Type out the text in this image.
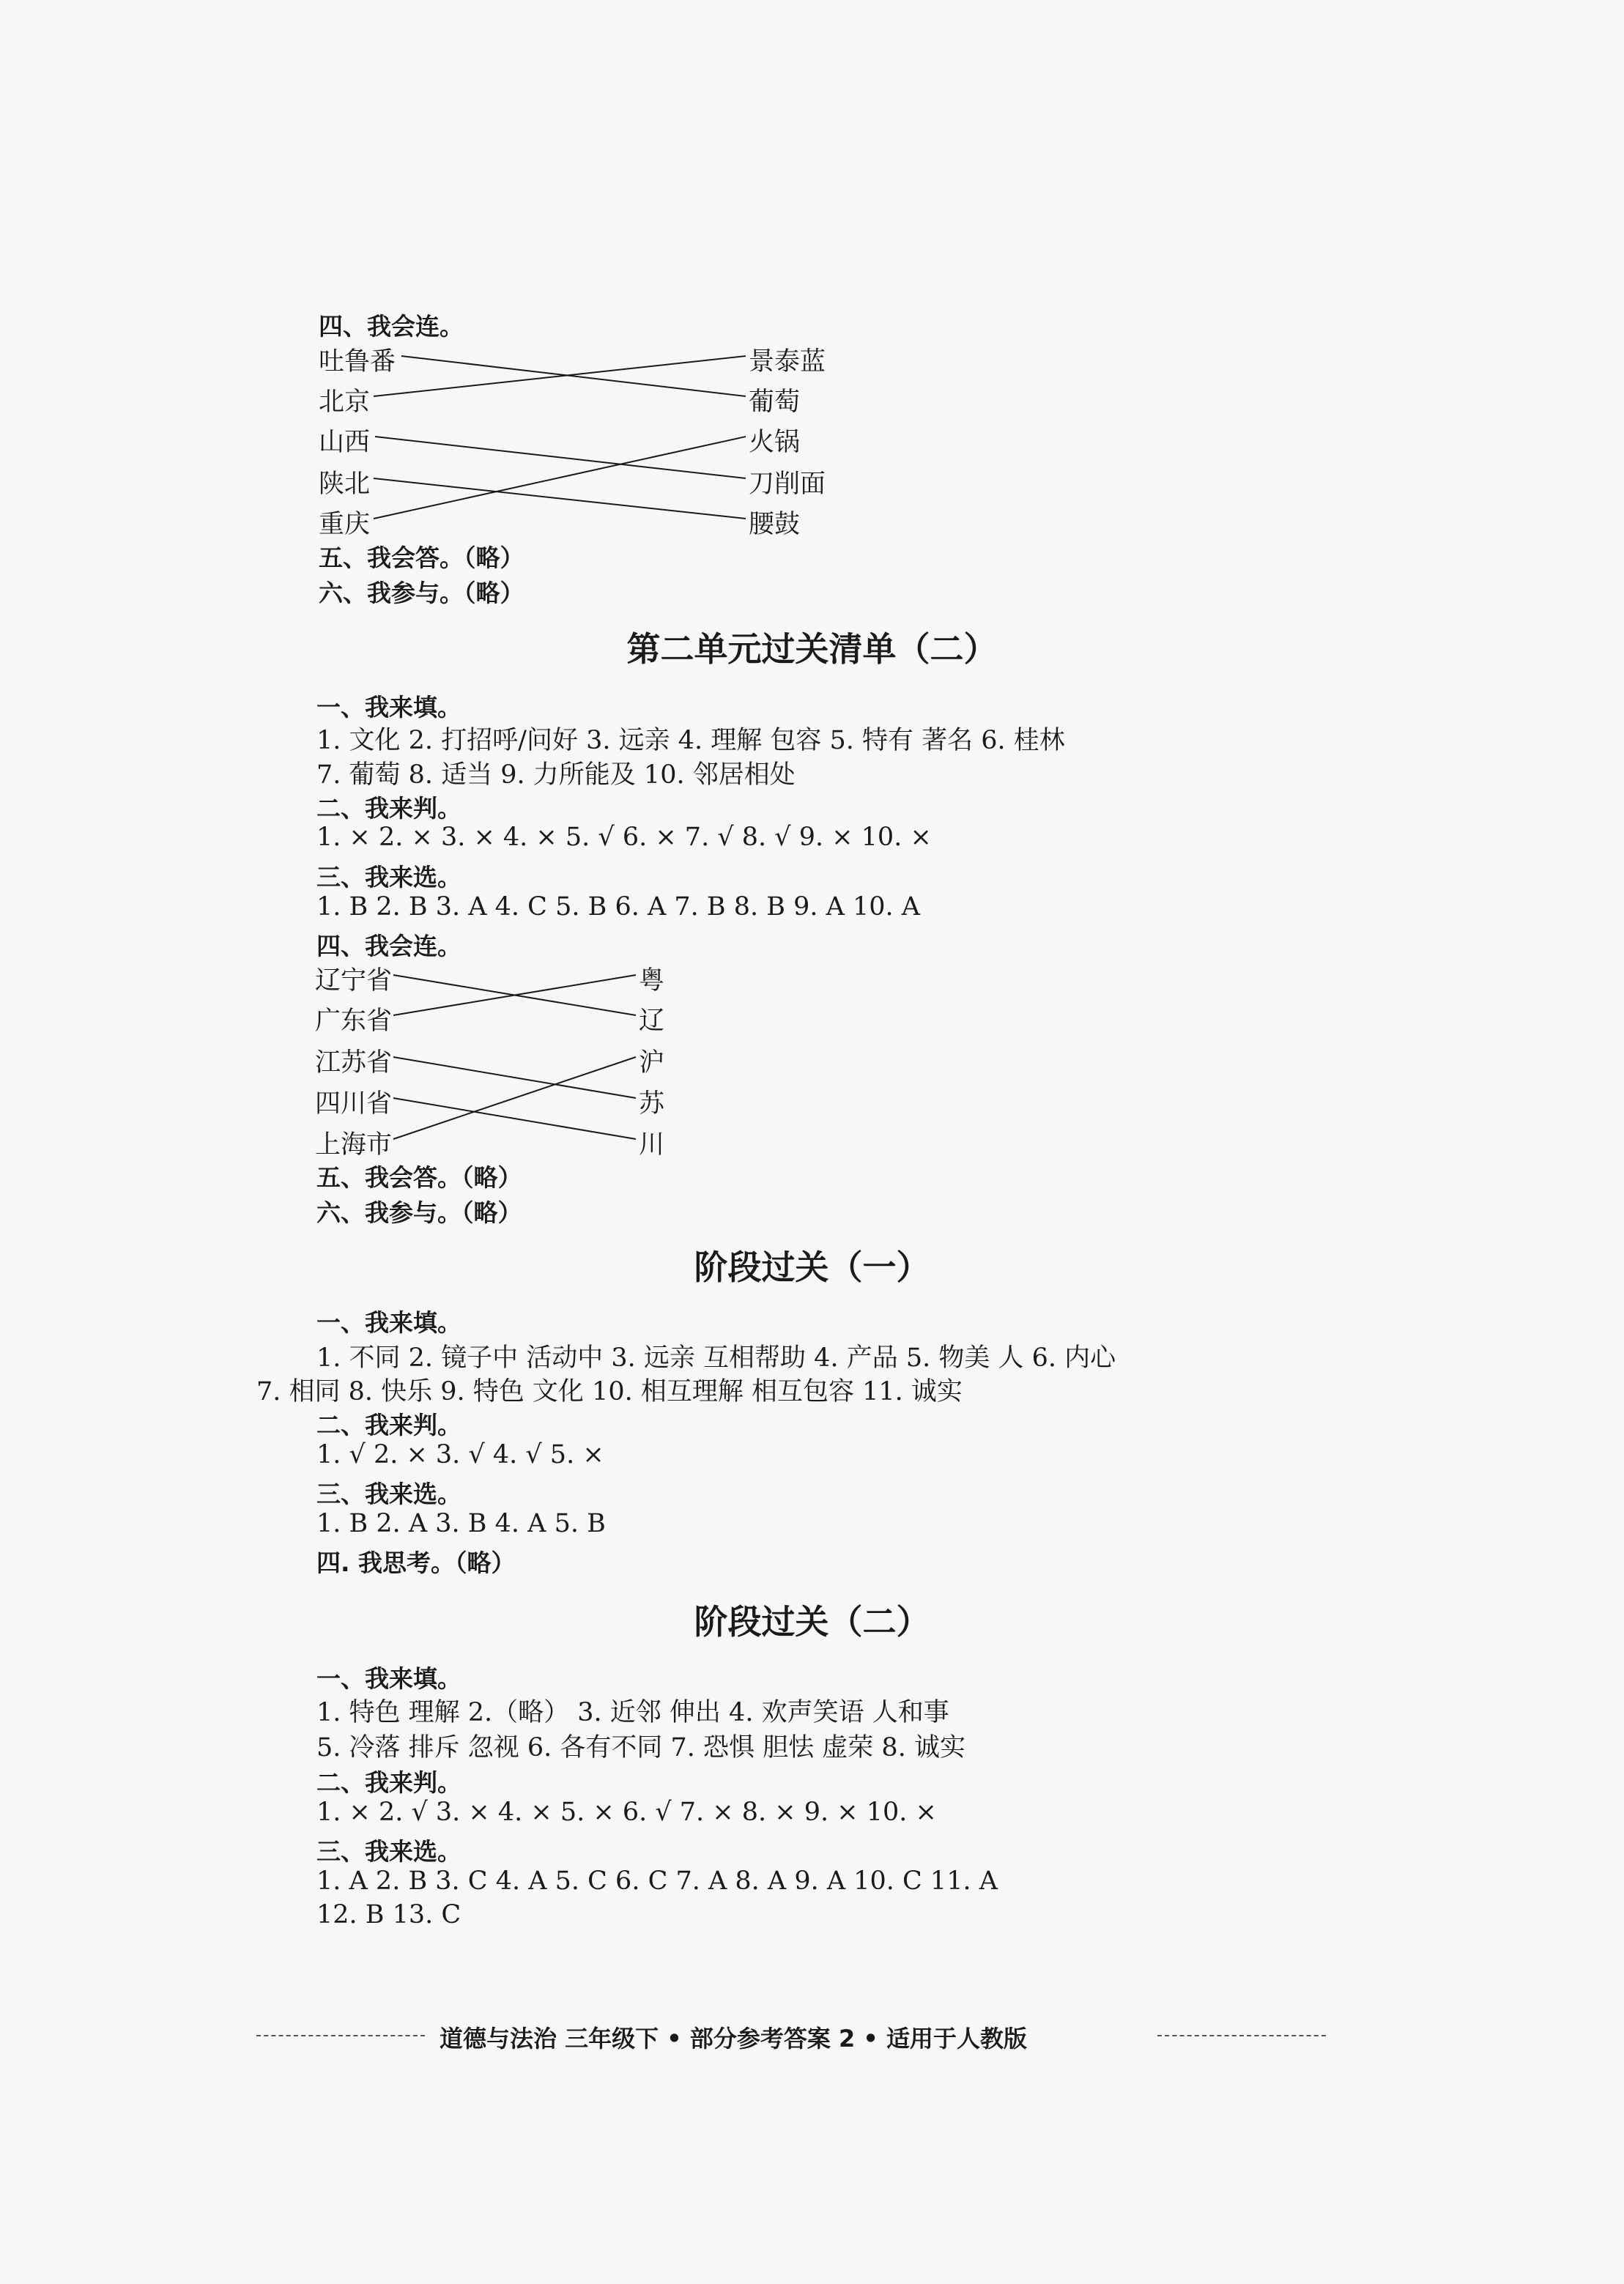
四、我会连。
吐鲁番
北京
山西
陕北
重庆
景泰蓝
葡萄
火锅
刀削面
腰鼓
五、我会答。（略）
六、我参与。（略）
第二单元过关清单（二）
一、我来填。
1. 文化 2. 打招呼/问好 3. 远亲 4. 理解 包容 5. 特有 著名 6. 桂林
7. 葡萄 8. 适当 9. 力所能及 10. 邻居相处
二、我来判。
1. × 2. × 3. × 4. × 5. √ 6. × 7. √ 8. √ 9. × 10. ×
三、我来选。
1. B 2. B 3. A 4. C 5. B 6. A 7. B 8. B 9. A 10. A
四、我会连。
辽宁省
广东省
江苏省
四川省
上海市
粤
辽
沪
苏
川
五、我会答。（略）
六、我参与。（略）
阶段过关（一）
一、我来填。
1. 不同 2. 镜子中 活动中 3. 远亲 互相帮助 4. 产品 5. 物美 人 6. 内心
7. 相同 8. 快乐 9. 特色 文化 10. 相互理解 相互包容 11. 诚实
二、我来判。
1. √ 2. × 3. √ 4. √ 5. ×
三、我来选。
1. B 2. A 3. B 4. A 5. B
四. 我思考。（略）
阶段过关（二）
一、我来填。
1. 特色 理解 2.（略） 3. 近邻 伸出 4. 欢声笑语 人和事
5. 冷落 排斥 忽视 6. 各有不同 7. 恐惧 胆怯 虚荣 8. 诚实
二、我来判。
1. × 2. √ 3. × 4. × 5. × 6. √ 7. × 8. × 9. × 10. ×
三、我来选。
1. A 2. B 3. C 4. A 5. C 6. C 7. A 8. A 9. A 10. C 11. A
12. B 13. C
道德与法治 三年级下 • 部分参考答案 2 • 适用于人教版
